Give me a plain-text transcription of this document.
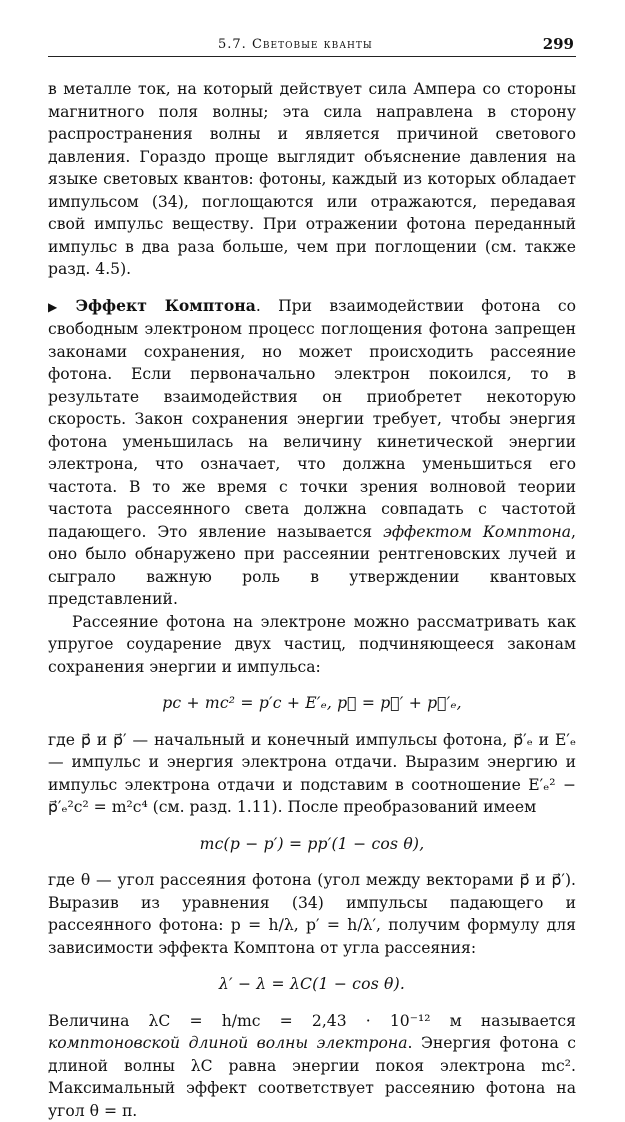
5.7. Световые кванты	299

в металле ток, на который действует сила Ампера со стороны магнитного поля волны; эта сила направлена в сторону распространения волны и является причиной светового давления. Гораздо проще выглядит объяснение давления на языке световых квантов: фотоны, каждый из которых обладает импульсом (34), поглощаются или отражаются, передавая свой импульс веществу. При отражении фотона переданный импульс в два раза больше, чем при поглощении (см. также разд. 4.5).

▶ Эффект Комптона. При взаимодействии фотона со свободным электроном процесс поглощения фотона запрещен законами сохранения, но может происходить рассеяние фотона. Если первоначально электрон покоился, то в результате взаимодействия он приобретет некоторую скорость. Закон сохранения энергии требует, чтобы энергия фотона уменьшилась на величину кинетической энергии электрона, что означает, что должна уменьшиться его частота. В то же время с точки зрения волновой теории частота рассеянного света должна совпадать с частотой падающего. Это явление называется эффектом Комптона, оно было обнаружено при рассеянии рентгеновских лучей и сыграло важную роль в утверждении квантовых представлений.

Рассеяние фотона на электроне можно рассматривать как упругое соударение двух частиц, подчиняющееся законам сохранения энергии и импульса:

pc + mc² = p′c + E′ₑ, p⃗ = p⃗′ + p⃗′ₑ,

где p⃗ и p⃗′ — начальный и конечный импульсы фотона, p⃗′ₑ и E′ₑ — импульс и энергия электрона отдачи. Выразим энергию и импульс электрона отдачи и подставим в соотношение E′ₑ² − p⃗′ₑ²c² = m²c⁴ (см. разд. 1.11). После преобразований имеем

mc(p − p′) = pp′(1 − cos θ),

где θ — угол рассеяния фотона (угол между векторами p⃗ и p⃗′). Выразив из уравнения (34) импульсы падающего и рассеянного фотона: p = h/λ, p′ = h/λ′, получим формулу для зависимости эффекта Комптона от угла рассеяния:

λ′ − λ = λC(1 − cos θ).

Величина λC = h/mc = 2,43 · 10⁻¹² м называется комптоновской длиной волны электрона. Энергия фотона с длиной волны λC равна энергии покоя электрона mc². Максимальный эффект соответствует рассеянию фотона на угол θ = π.
